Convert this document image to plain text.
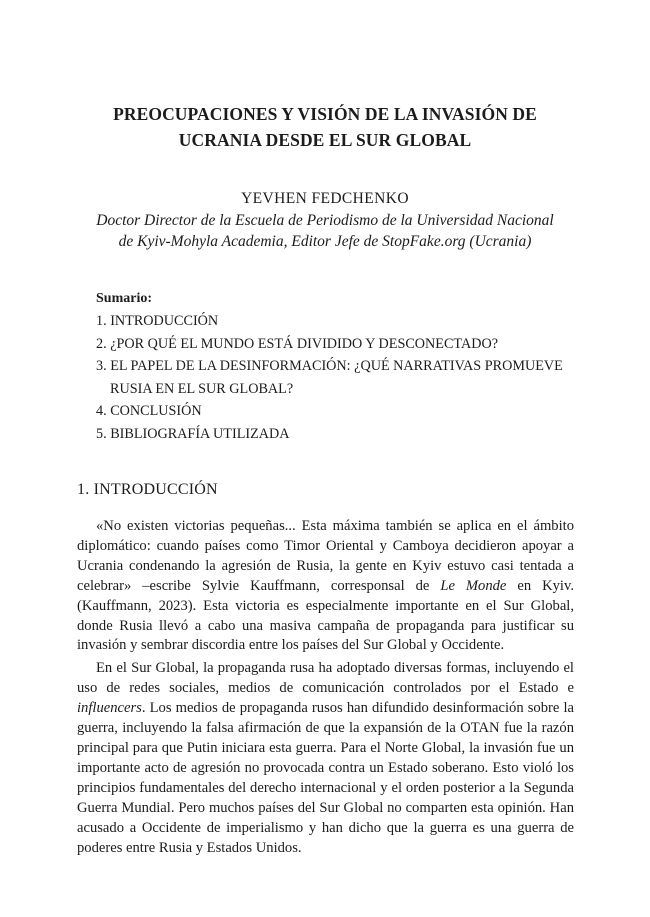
PREOCUPACIONES Y VISIÓN DE LA INVASIÓN DE
UCRANIA DESDE EL SUR GLOBAL
YEVHEN FEDCHENKO
Doctor Director de la Escuela de Periodismo de la Universidad Nacional
de Kyiv-Mohyla Academia, Editor Jefe de StopFake.org (Ucrania)
Sumario:
1. INTRODUCCIÓN
2. ¿POR QUÉ EL MUNDO ESTÁ DIVIDIDO Y DESCONECTADO?
3. EL PAPEL DE LA DESINFORMACIÓN: ¿QUÉ NARRATIVAS PROMUEVE RUSIA EN EL SUR GLOBAL?
4. CONCLUSIÓN
5. BIBLIOGRAFÍA UTILIZADA
1. INTRODUCCIÓN

«No existen victorias pequeñas... Esta máxima también se aplica en el ámbito diplomático: cuando países como Timor Oriental y Camboya decidieron apoyar a Ucrania condenando la agresión de Rusia, la gente en Kyiv estuvo casi tentada a celebrar» –escribe Sylvie Kauffmann, corresponsal de Le Monde en Kyiv. (Kauffmann, 2023). Esta victoria es especialmente importante en el Sur Global, donde Rusia llevó a cabo una masiva campaña de propaganda para justificar su invasión y sembrar discordia entre los países del Sur Global y Occidente.

En el Sur Global, la propaganda rusa ha adoptado diversas formas, incluyendo el uso de redes sociales, medios de comunicación controlados por el Estado e influencers. Los medios de propaganda rusos han difundido desinformación sobre la guerra, incluyendo la falsa afirmación de que la expansión de la OTAN fue la razón principal para que Putin iniciara esta guerra. Para el Norte Global, la invasión fue un importante acto de agresión no provocada contra un Estado soberano. Esto violó los principios fundamentales del derecho internacional y el orden posterior a la Segunda Guerra Mundial. Pero muchos países del Sur Global no comparten esta opinión. Han acusado a Occidente de imperialismo y han dicho que la guerra es una guerra de poderes entre Rusia y Estados Unidos.
